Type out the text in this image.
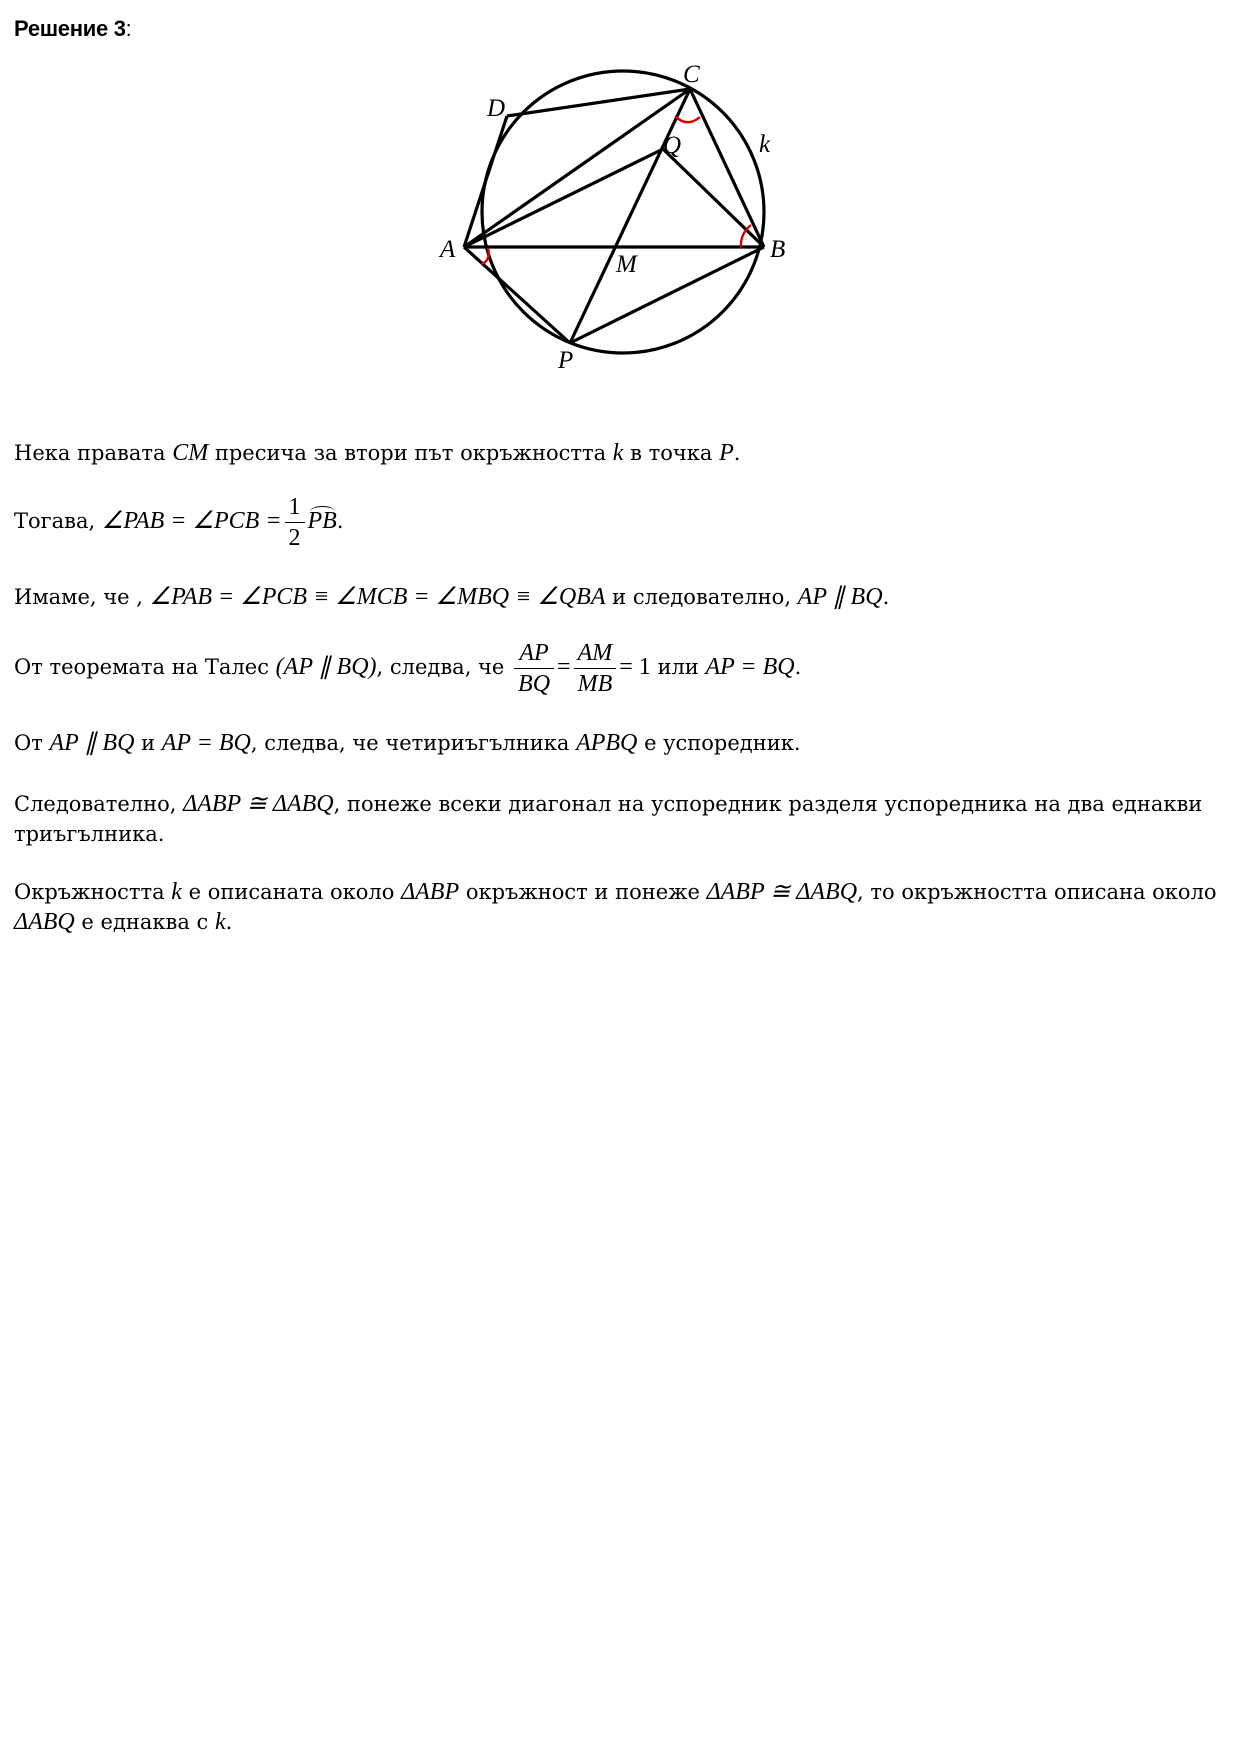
Решение 3:
C
D
Q	k
A
M
B
P
Нека правата CM пресича за втори път окръжността k в точка P.
Тогава, ∠PAB = ∠PCB = $\frac{1}{2}$ PB.
Имаме, че , ∠PAB = ∠PCB ≡ ∠MCB = ∠MBQ ≡ ∠QBA и следователно, AP ∥ BQ.
От теоремата на Талес (AP ∥ BQ), следва, че $\frac{AP}{BQ} = \frac{AM}{MB} = 1$ или AP = BQ.
От AP ∥ BQ и AP = BQ, следва, че четириъгълника APBQ е успоредник.
Следователно, ΔABP ≅ ΔABQ, понеже всеки диагонал на успоредник разделя успоредника на два еднакви триъгълника.
Окръжността k е описаната около ΔABP окръжност и понеже ΔABP ≅ ΔABQ, то окръжността описана около ΔABQ е еднаква с k.
